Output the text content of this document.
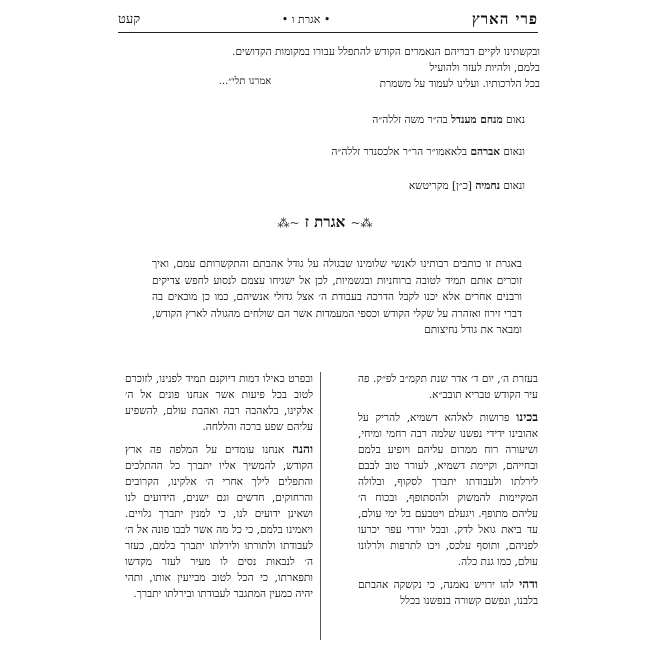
פרי הארץ
• אגרת ו •
קעט

ובקשתינו לקיים דבריהם הנאמרים הקודש להתפלל עבורו במקומות הקדושים.

בלמם, ולהיות לעזר ולהועיל

בכל הלרכותיו. ועלינו לעמוד על משמרת

אמרנו תלי״...
נאום מנחם מענדל בה״ר משה זללה״ה
ונאום אברהם בלאאמו״ר הר״ר אלכסנדר זללה״ה
ונאום נחמיה [כ״ן] מקריטשא
⁂~ אגרת ז ~⁂

באגרת זו כותבים רבותינו לאנשי שלומינו שבגולה על גודל אהבתם והתקשרותם עמם, ואיך זוכרים אותם תמיד לטובה ברוחניות ובגשמיות, לכן אל ישגיחו עצמם לנסוע לחפש צדיקים ורבנים אחרים אלא יכנו לקבל הדרכה בעבודת ה׳ אצל גדולי אנשיהם, כמו כן מובאים בה דברי זירוז ואזהרה על שקלי הקודש וכספי המעמדות אשר הם שולחים מהגולה לארץ הקודש, ומבאר את גודל נחיצותם

בעזרת ה׳, יום ד׳ אדר שנת תקמ״ב לפ״ק. פה עיר הקודש טבריא תובב״א.

בכינו פרושות לאלהא דשמיא, להריק על אהובינו ידידי נפשנו שלמה רבה רחמי ומיחי, ושיעורה רוח ממרום עליהם ויופיע בלמם ובחייהם, וקיימת דשמיא, לעורר טוב לבבם לירלתו ולעבודתו יתברך לסקוף, ובלולה המקיימות להמשוק ולהסתופף, ובכוח ה׳ עליהם מתופף. ויגעלם ויטבעם בל ימי עולם, עד ביאת גואל לדק. ובכל יורדי עפר יכרעו לפניהם, ותוסף עלכס, ויכו לתרפות ולרלונו עולם, כמו גנת כלה.

ודהי להו ירויש נאמנה, כי נקשקה אהבתם בלבנו, ונפשם קשורה בנפשנו בכלל

ובפרט כאילו דמות דיוקנם תמיד לפנינו, לזוכרם לטוב בכל פיעות אשר אנחנו פונים אל ה׳ אלקינו, בלאהבה רבה ואהבת עולם, להשפיע עליהם שפע ברכה והללחה.

והנה אנחנו עומדים על המלפה פה ארץ הקודש, להמשיך אליו יתברך כל ההתלכים והתפלים לילך אחרי ה׳ אלקינו, הקרובים והרחוקים, חדשים וגם ישנים, הידועים לנו ושאינן ידועים לנו, כי למנין יתברך גלויים. ויאמינו בלמם, כי כל מה אשר לבבו פונה אל ה׳ לעבודתו ולתורתו ולירלתו יתברך בלמם, כעזר ה׳ לנבאות נסים לו מעיר לעזר מקדשו ותפארתו, כי הכל לטוב מבייעין אותו, ותהי יהיה כמעין המתגבר לעבודתו ובירלתו יתברך.
